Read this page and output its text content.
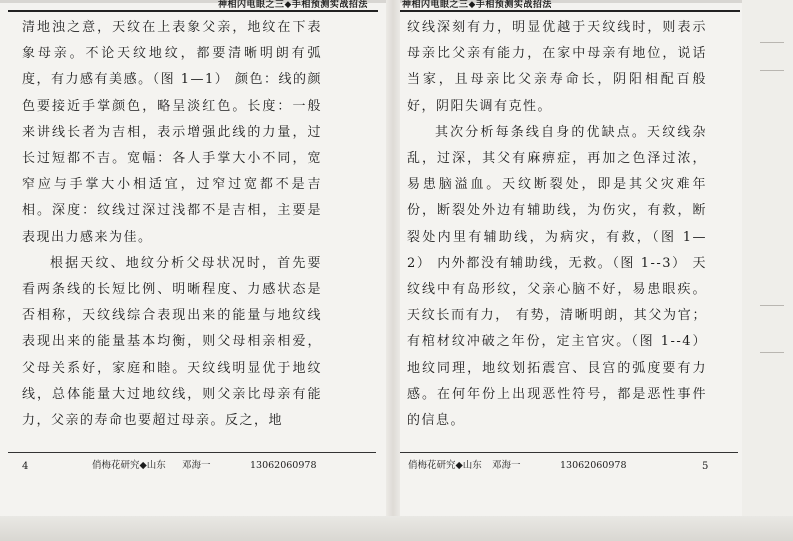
神相闪电眼之三◆手相预测实战招法

清地浊之意，天纹在上表象父亲，地纹在下表象母亲。不论天纹地纹，都要清晰明朗有弧度，有力感有美感。（图 1—1） 颜色：线的颜色要接近手掌颜色，略呈淡红色。长度：一般来讲线长者为吉相，表示增强此线的力量，过长过短都不吉。宽幅：各人手掌大小不同，宽窄应与手掌大小相适宜，过窄过宽都不是吉相。深度：纹线过深过浅都不是吉相，主要是表现出力感来为佳。

根据天纹、地纹分析父母状况时，首先要看两条线的长短比例、明晰程度、力感状态是否相称，天纹线综合表现出来的能量与地纹线表现出来的能量基本均衡，则父母相亲相爱，父母关系好，家庭和睦。天纹线明显优于地纹线，总体能量大过地纹线，则父亲比母亲有能力，父亲的寿命也要超过母亲。反之，地

4	俏梅花研究◆山东 邓海一	13062060978
神相闪电眼之三◆手相预测实战招法

纹线深刻有力，明显优越于天纹线时，则表示母亲比父亲有能力，在家中母亲有地位，说话当家，且母亲比父亲寿命长，阴阳相配百般好，阴阳失调有克性。

其次分析每条线自身的优缺点。天纹线杂乱，过深，其父有麻痹症，再加之色泽过浓，易患脑溢血。天纹断裂处，即是其父灾难年份，断裂处外边有辅助线，为伤灾，有救，断裂处内里有辅助线，为病灾，有救，（图 1—2） 内外都没有辅助线，无救。（图 1--3） 天纹线中有岛形纹，父亲心脑不好，易患眼疾。天纹长而有力， 有势，清晰明朗，其父为官；有棺材纹冲破之年份，定主官灾。（图 1--4） 地纹同理，地纹划拓震宫、艮宫的弧度要有力感。在何年份上出现恶性符号，都是恶性事件的信息。

俏梅花研究◆山东 邓海一	13062060978	5
